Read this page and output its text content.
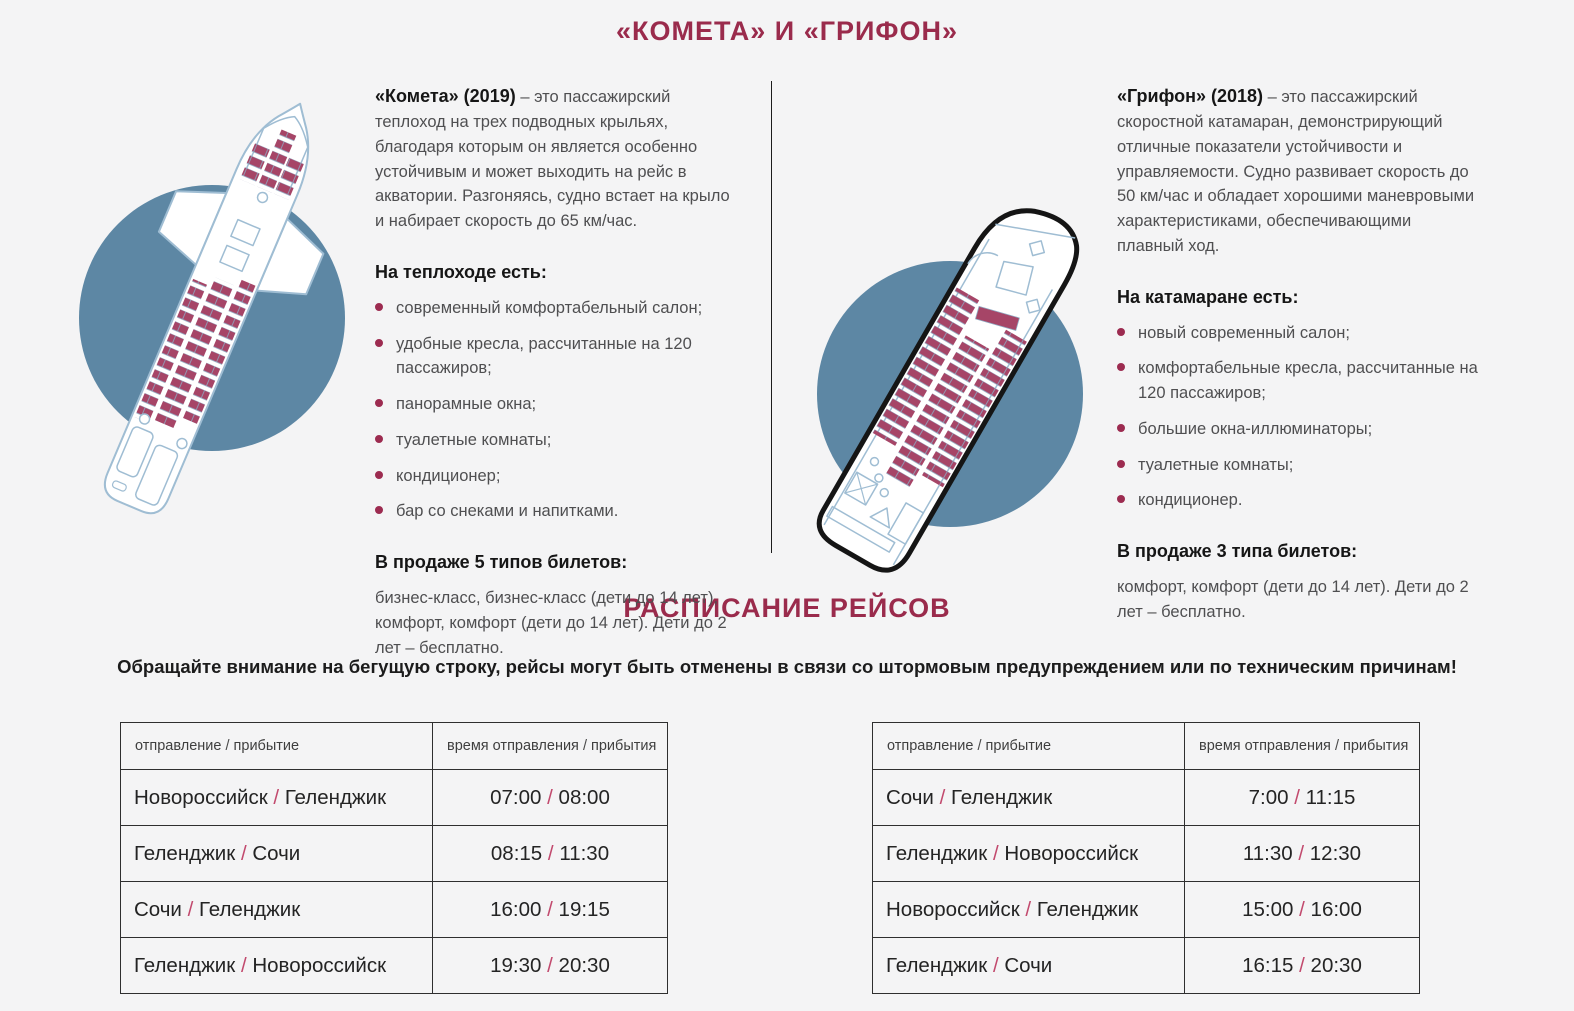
«КОМЕТА» И «ГРИФОН»

«Комета» (2019) – это пассажирский теплоход на трех подводных крыльях, благодаря которым он является особенно устойчивым и может выходить на рейс в акватории. Разгоняясь, судно встает на крыло и набирает скорость до 65 км/час.

На теплоходе есть:
современный комфортабельный салон;
удобные кресла, рассчитанные на 120 пассажиров;
панорамные окна;
туалетные комнаты;
кондиционер;
бар со снеками и напитками.
В продаже 5 типов билетов:

бизнес-класс, бизнес-класс (дети до 14 лет), комфорт, комфорт (дети до 14 лет). Дети до 2 лет – бесплатно.

«Грифон» (2018) – это пассажирский скоростной катамаран, демонстрирующий отличные показатели устойчивости и управляемости. Судно развивает скорость до 50 км/час и обладает хорошими маневровыми характеристиками, обеспечивающими плавный ход.

На катамаране есть:
новый современный салон;
комфортабельные кресла, рассчитанные на 120 пассажиров;
большие окна-иллюминаторы;
туалетные комнаты;
кондиционер.
В продаже 3 типа билетов:

комфорт, комфорт (дети до 14 лет). Дети до 2 лет – бесплатно.

РАСПИСАНИЕ РЕЙСОВ

Обращайте внимание на бегущую строку, рейсы могут быть отменены в связи со штормовым предупреждением или по техническим причинам!

отправление / прибытие	время отправления / прибытия
Новороссийск / Геленджик	07:00 / 08:00
Геленджик / Сочи	08:15 / 11:30
Сочи / Геленджик	16:00 / 19:15
Геленджик / Новороссийск	19:30 / 20:30
отправление / прибытие	время отправления / прибытия
Сочи / Геленджик	7:00 / 11:15
Геленджик / Новороссийск	11:30 / 12:30
Новороссийск / Геленджик	15:00 / 16:00
Геленджик / Сочи	16:15 / 20:30
